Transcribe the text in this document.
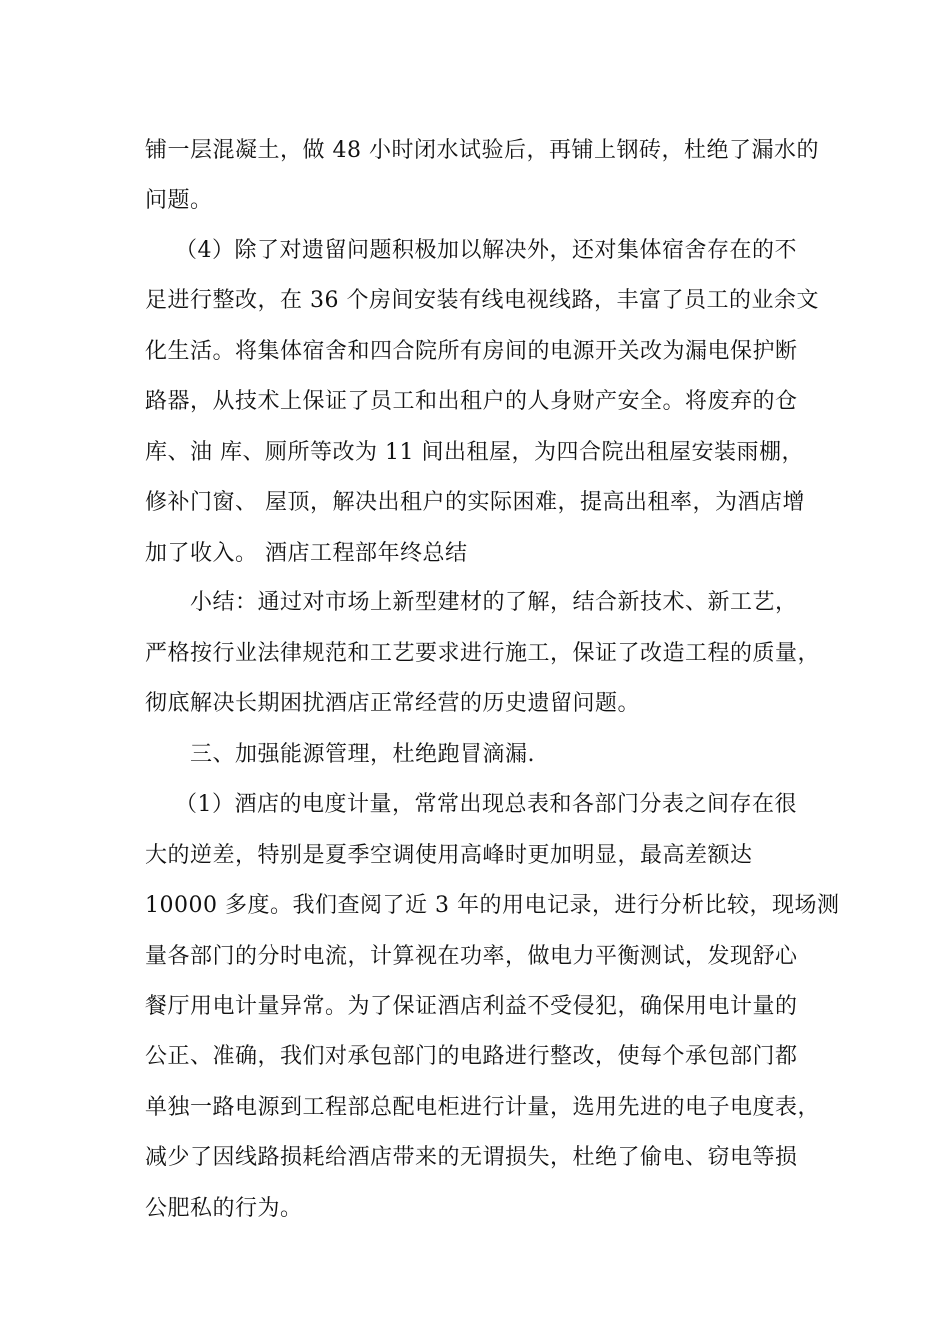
铺一层混凝土，做 48 小时闭水试验后，再铺上钢砖，杜绝了漏水的
问题。
（4）除了对遗留问题积极加以解决外，还对集体宿舍存在的不
足进行整改，在 36 个房间安装有线电视线路，丰富了员工的业余文
化生活。将集体宿舍和四合院所有房间的电源开关改为漏电保护断
路器，从技术上保证了员工和出租户的人身财产安全。将废弃的仓
库、油 库、厕所等改为 11 间出租屋，为四合院出租屋安装雨棚，
修补门窗、 屋顶，解决出租户的实际困难，提高出租率，为酒店增
加了收入。 酒店工程部年终总结
小结：通过对市场上新型建材的了解，结合新技术、新工艺，
严格按行业法律规范和工艺要求进行施工，保证了改造工程的质量，
彻底解决长期困扰酒店正常经营的历史遗留问题。
三、加强能源管理，杜绝跑冒滴漏.
（1）酒店的电度计量，常常出现总表和各部门分表之间存在很
大的逆差，特别是夏季空调使用高峰时更加明显，最高差额达
10000 多度。我们查阅了近 3 年的用电记录，进行分析比较，现场测
量各部门的分时电流，计算视在功率，做电力平衡测试，发现舒心
餐厅用电计量异常。为了保证酒店利益不受侵犯，确保用电计量的
公正、准确，我们对承包部门的电路进行整改，使每个承包部门都
单独一路电源到工程部总配电柜进行计量，选用先进的电子电度表，
减少了因线路损耗给酒店带来的无谓损失，杜绝了偷电、窃电等损
公肥私的行为。
